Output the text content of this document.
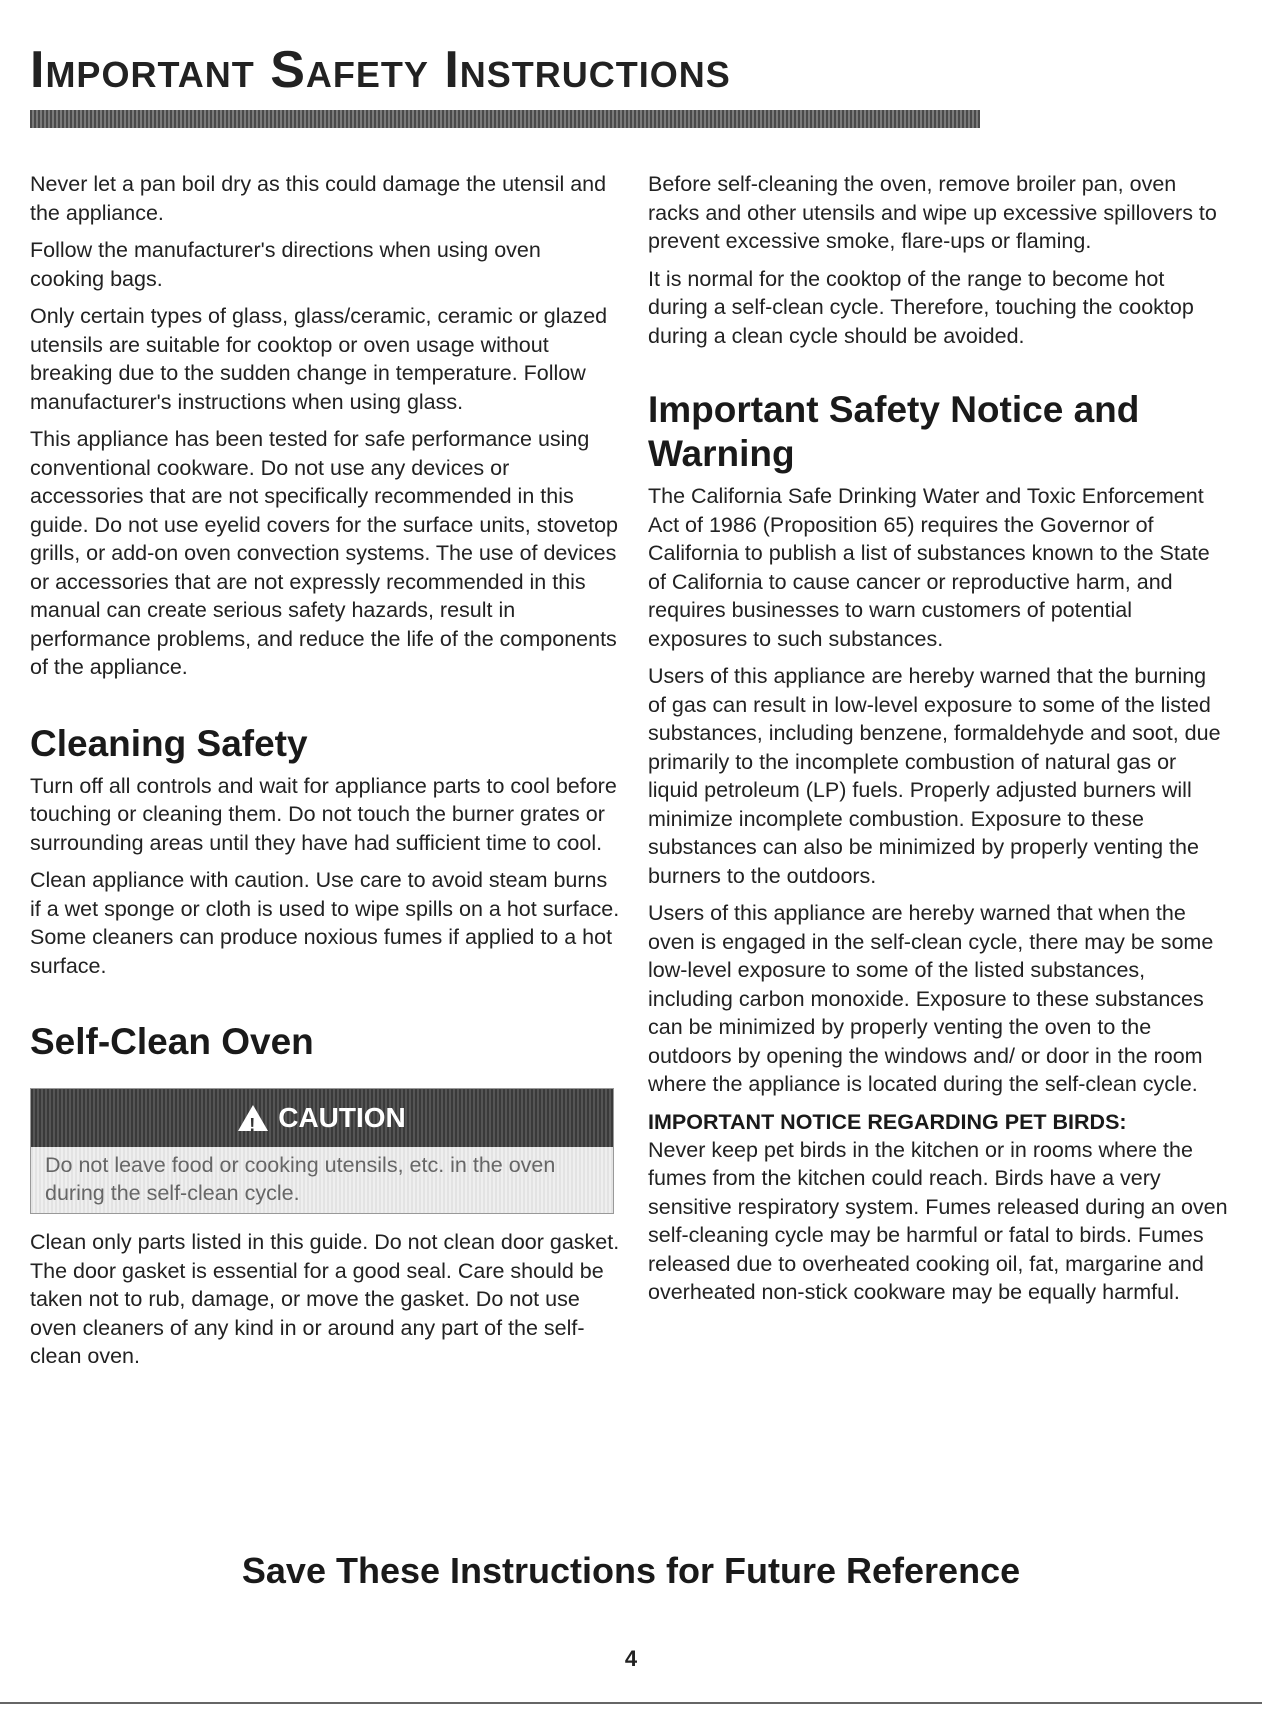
Important Safety Instructions

Never let a pan boil dry as this could damage the utensil and the appliance.

Follow the manufacturer's directions when using oven cooking bags.

Only certain types of glass, glass/ceramic, ceramic or glazed utensils are suitable for cooktop or oven usage without breaking due to the sudden change in temperature. Follow manufacturer's instructions when using glass.

This appliance has been tested for safe performance using conventional cookware. Do not use any devices or accessories that are not specifically recommended in this guide. Do not use eyelid covers for the surface units, stovetop grills, or add-on oven convection systems. The use of devices or accessories that are not expressly recommended in this manual can create serious safety hazards, result in performance problems, and reduce the life of the components of the appliance.

Cleaning Safety

Turn off all controls and wait for appliance parts to cool before touching or cleaning them. Do not touch the burner grates or surrounding areas until they have had sufficient time to cool.

Clean appliance with caution. Use care to avoid steam burns if a wet sponge or cloth is used to wipe spills on a hot surface. Some cleaners can produce noxious fumes if applied to a hot surface.

Self-Clean Oven
!
CAUTION
Do not leave food or cooking utensils, etc. in the oven during the self-clean cycle.

Clean only parts listed in this guide. Do not clean door gasket. The door gasket is essential for a good seal. Care should be taken not to rub, damage, or move the gasket. Do not use oven cleaners of any kind in or around any part of the self-clean oven.

Before self-cleaning the oven, remove broiler pan, oven racks and other utensils and wipe up excessive spillovers to prevent excessive smoke, flare-ups or flaming.

It is normal for the cooktop of the range to become hot during a self-clean cycle. Therefore, touching the cooktop during a clean cycle should be avoided.

Important Safety Notice and Warning

The California Safe Drinking Water and Toxic Enforcement Act of 1986 (Proposition 65) requires the Governor of California to publish a list of substances known to the State of California to cause cancer or reproductive harm, and requires businesses to warn customers of potential exposures to such substances.

Users of this appliance are hereby warned that the burning of gas can result in low-level exposure to some of the listed substances, including benzene, formaldehyde and soot, due primarily to the incomplete combustion of natural gas or liquid petroleum (LP) fuels. Properly adjusted burners will minimize incomplete combustion. Exposure to these substances can also be minimized by properly venting the burners to the outdoors.

Users of this appliance are hereby warned that when the oven is engaged in the self-clean cycle, there may be some low-level exposure to some of the listed substances, including carbon monoxide. Exposure to these substances can be minimized by properly venting the oven to the outdoors by opening the windows and/ or door in the room where the appliance is located during the self-clean cycle.

IMPORTANT NOTICE REGARDING PET BIRDS:

Never keep pet birds in the kitchen or in rooms where the fumes from the kitchen could reach. Birds have a very sensitive respiratory system. Fumes released during an oven self-cleaning cycle may be harmful or fatal to birds. Fumes released due to overheated cooking oil, fat, margarine and overheated non-stick cookware may be equally harmful.

Save These Instructions for Future Reference
4
